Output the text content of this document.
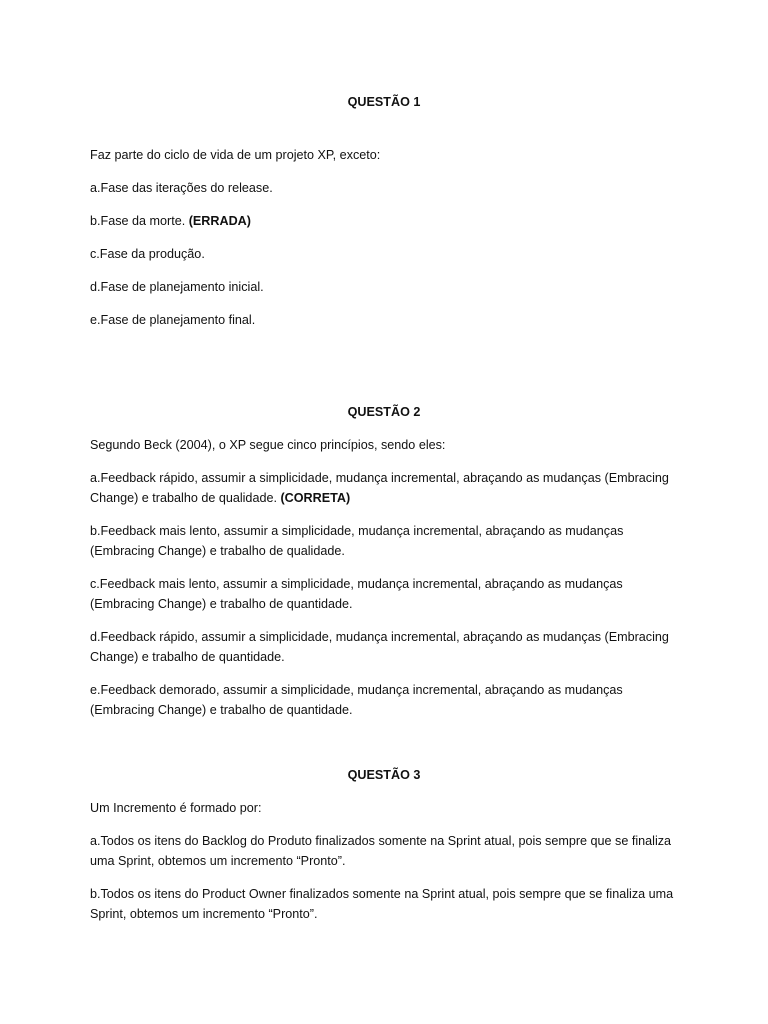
QUESTÃO 1

Faz parte do ciclo de vida de um projeto XP, exceto:

a.Fase das iterações do release.

b.Fase da morte. (ERRADA)

c.Fase da produção.

d.Fase de planejamento inicial.

e.Fase de planejamento final.

QUESTÃO 2

Segundo Beck (2004), o XP segue cinco princípios, sendo eles:

a.Feedback rápido, assumir a simplicidade, mudança incremental, abraçando as mudanças (Embracing
Change) e trabalho de qualidade. (CORRETA)
b.Feedback mais lento, assumir a simplicidade, mudança incremental, abraçando as mudanças
(Embracing Change) e trabalho de qualidade.
c.Feedback mais lento, assumir a simplicidade, mudança incremental, abraçando as mudanças
(Embracing Change) e trabalho de quantidade.
d.Feedback rápido, assumir a simplicidade, mudança incremental, abraçando as mudanças (Embracing
Change) e trabalho de quantidade.
e.Feedback demorado, assumir a simplicidade, mudança incremental, abraçando as mudanças
(Embracing Change) e trabalho de quantidade.
QUESTÃO 3

Um Incremento é formado por:

a.Todos os itens do Backlog do Produto finalizados somente na Sprint atual, pois sempre que se finaliza
uma Sprint, obtemos um incremento “Pronto”.
b.Todos os itens do Product Owner finalizados somente na Sprint atual, pois sempre que se finaliza uma
Sprint, obtemos um incremento “Pronto”.
